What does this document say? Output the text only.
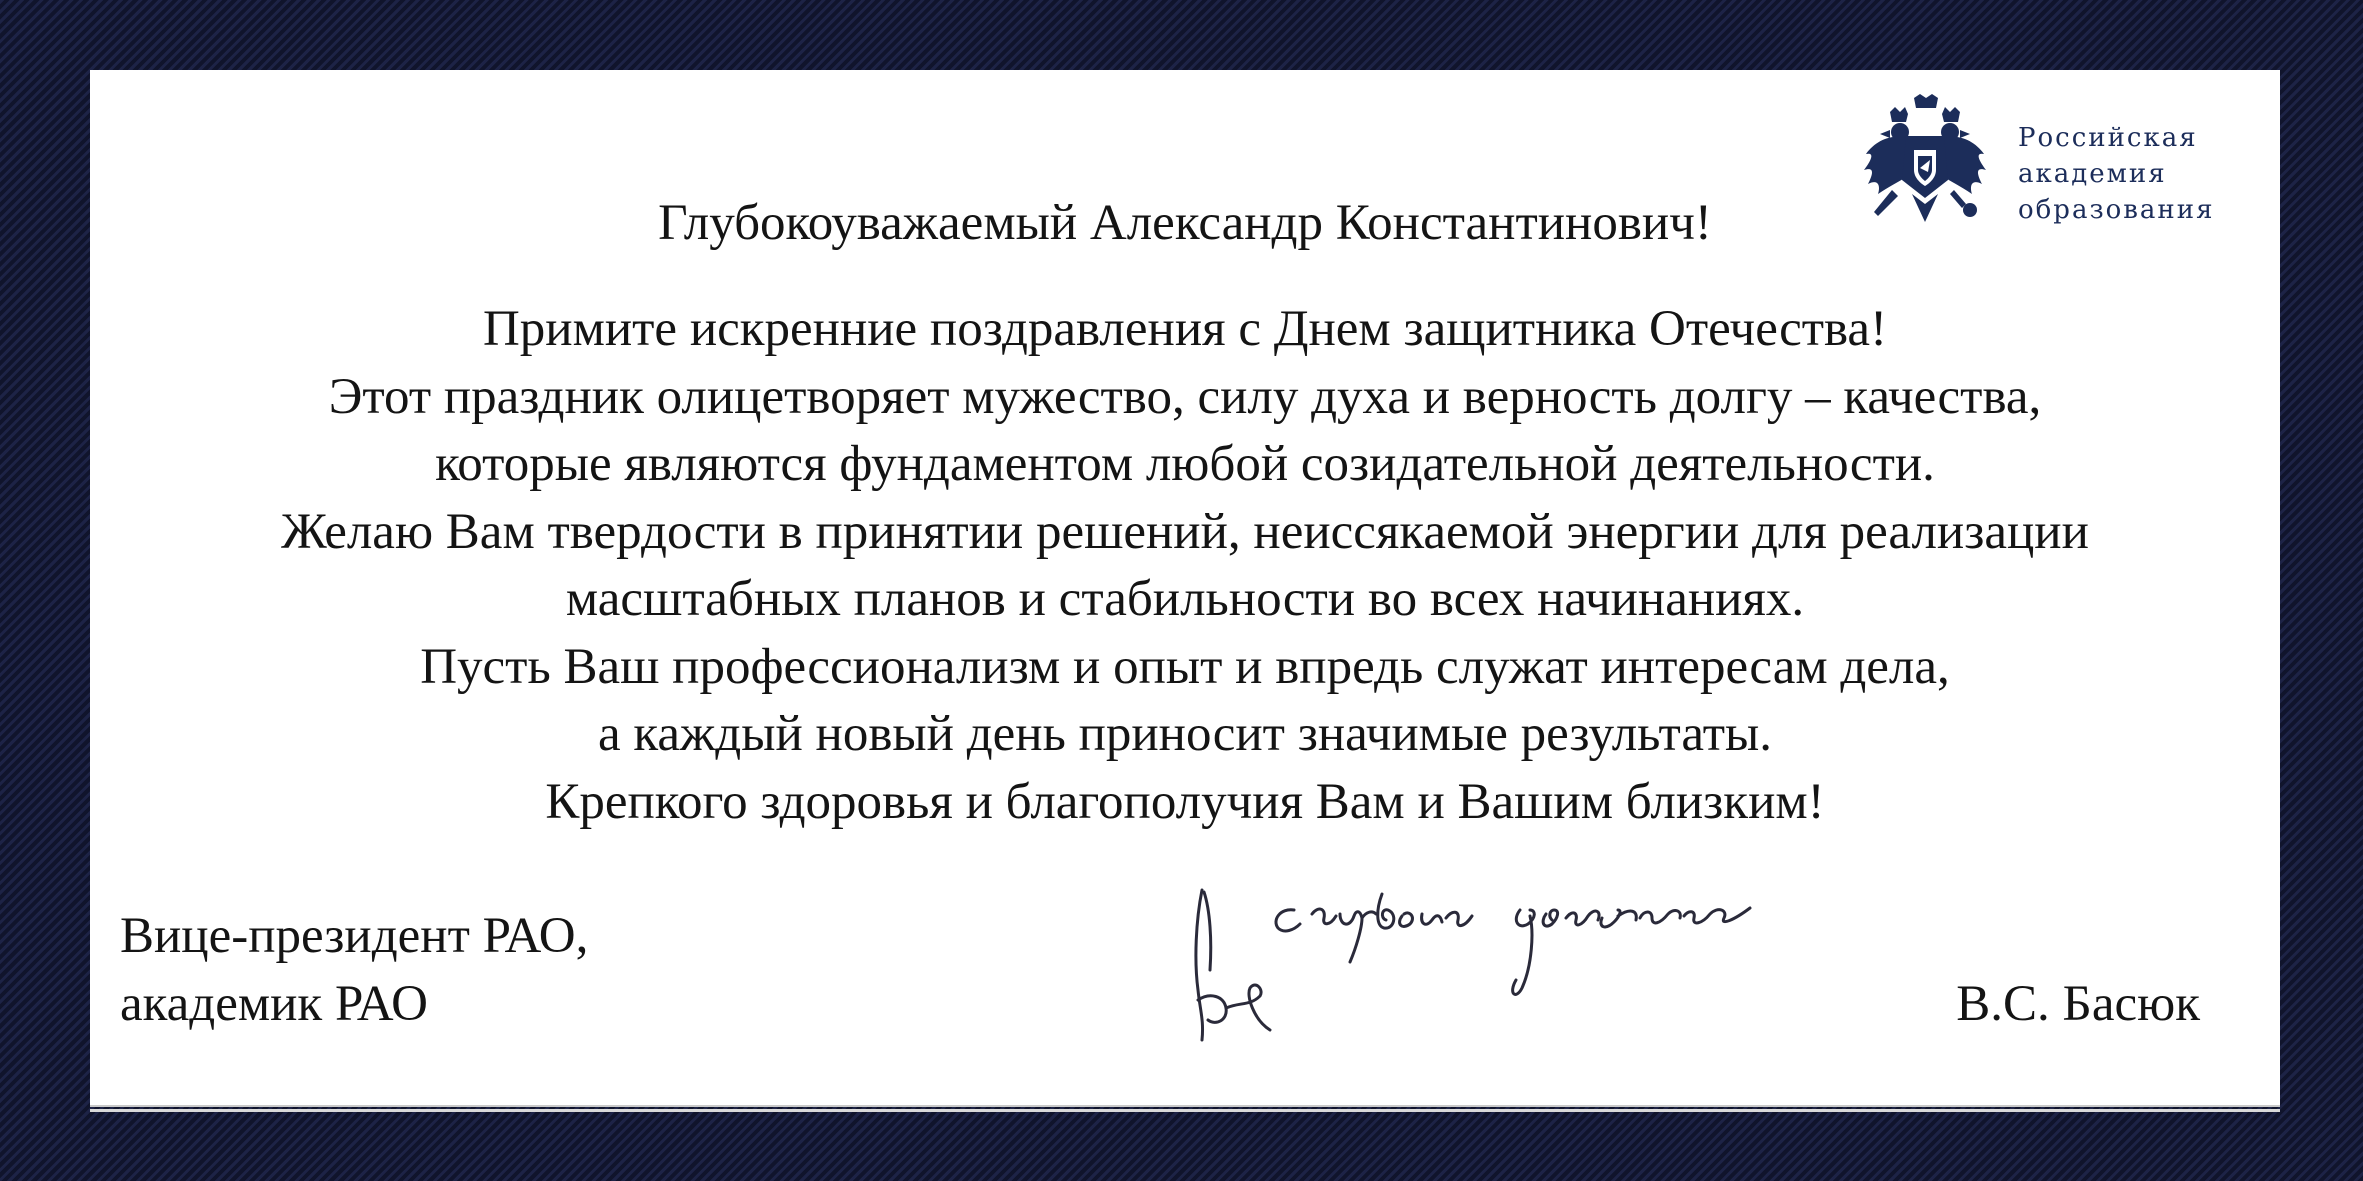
Российская
академия
образования
Глубокоуважаемый Александр Константинович!
Примите искренние поздравления с Днем защитника Отечества!
Этот праздник олицетворяет мужество, силу духа и верность долгу – качества,
которые являются фундаментом любой созидательной деятельности.
Желаю Вам твердости в принятии решений, неиссякаемой энергии для реализации
масштабных планов и стабильности во всех начинаниях.
Пусть Ваш профессионализм и опыт и впредь служат интересам дела,
а каждый новый день приносит значимые результаты.
Крепкого здоровья и благополучия Вам и Вашим близким!
Вице-президент РАО,
академик РАО	В.С. Басюк
